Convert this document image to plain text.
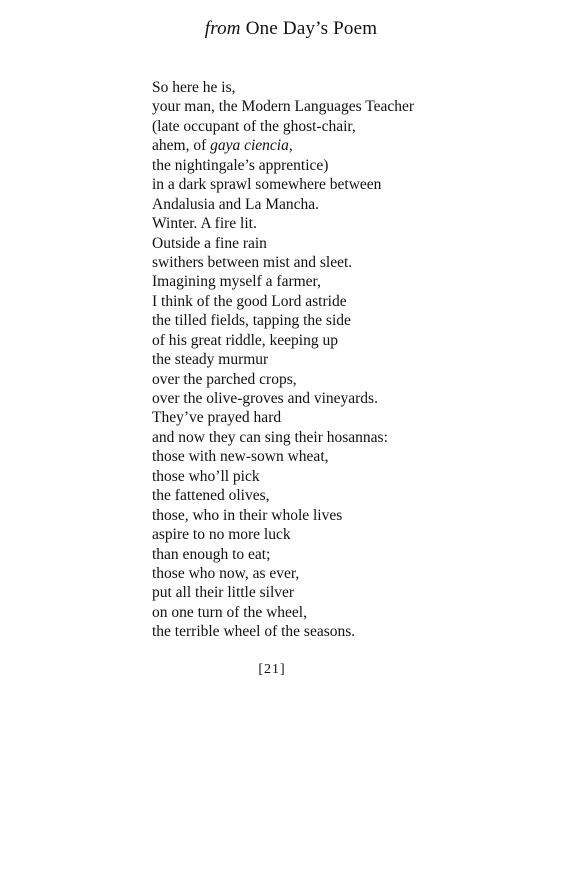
from One Day’s Poem
So here he is,
your man, the Modern Languages Teacher
(late occupant of the ghost-chair,
ahem, of gaya ciencia,
the nightingale’s apprentice)
in a dark sprawl somewhere between
Andalusia and La Mancha.
Winter. A fire lit.
Outside a fine rain
swithers between mist and sleet.
Imagining myself a farmer,
I think of the good Lord astride
the tilled fields, tapping the side
of his great riddle, keeping up
the steady murmur
over the parched crops,
over the olive-groves and vineyards.
They’ve prayed hard
and now they can sing their hosannas:
those with new-sown wheat,
those who’ll pick
the fattened olives,
those, who in their whole lives
aspire to no more luck
than enough to eat;
those who now, as ever,
put all their little silver
on one turn of the wheel,
the terrible wheel of the seasons.
[21]
